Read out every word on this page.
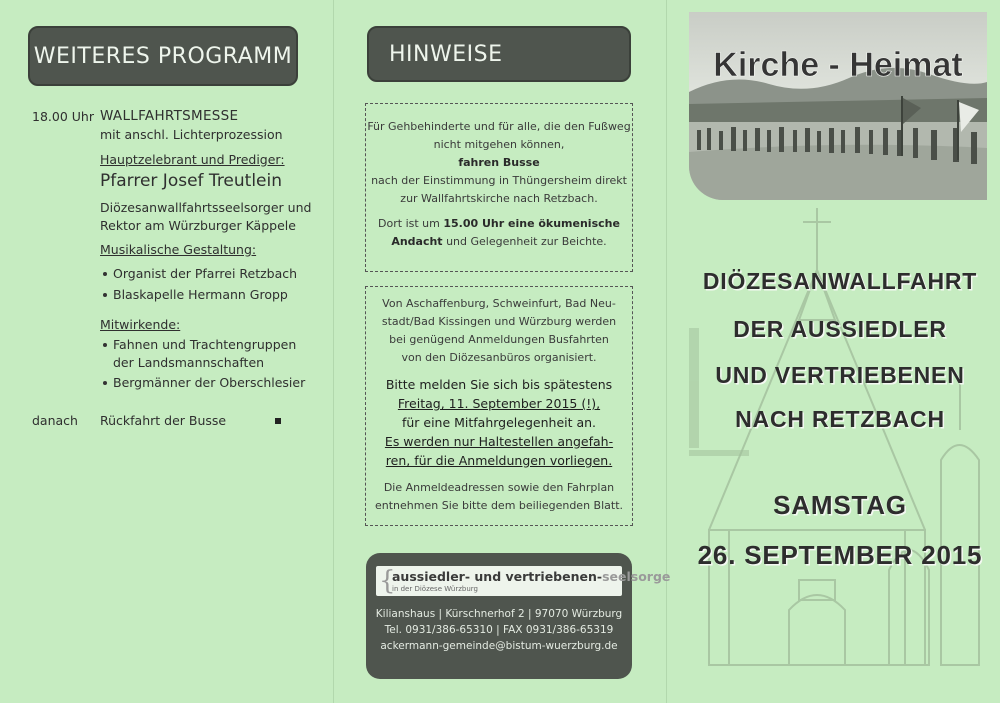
WEITERES PROGRAMM
18.00 Uhr WALLFAHRTSMESSE
mit anschl. Lichterprozession
Hauptzelebrant und Prediger:
Pfarrer Josef Treutlein
Diözesanwallfahrtsseelsorger und
Rektor am Würzburger Käppele
Musikalische Gestaltung:
Organist der Pfarrei Retzbach
Blaskapelle Hermann Gropp
Mitwirkende:
Fahnen und Trachtengruppen
der Landsmannschaften
Bergmänner der Oberschlesier
danach Rückfahrt der Busse
HINWEISE

Für Gehbehinderte und für alle, die den Fußweg

nicht mitgehen können,

fahren Busse

nach der Einstimmung in Thüngersheim direkt

zur Wallfahrtskirche nach Retzbach.

Dort ist um 15.00 Uhr eine ökumenische

Andacht und Gelegenheit zur Beichte.

Von Aschaffenburg, Schweinfurt, Bad Neu-

stadt/Bad Kissingen und Würzburg werden

bei genügend Anmeldungen Busfahrten

von den Diözesanbüros organisiert.

Bitte melden Sie sich bis spätestens

Freitag, 11. September 2015 (!),

für eine Mitfahrgelegenheit an.

Es werden nur Haltestellen angefah-

ren, für die Anmeldungen vorliegen.

Die Anmeldeadressen sowie den Fahrplan

entnehmen Sie bitte dem beiliegenden Blatt.

{
aussiedler- und vertriebenen-seelsorge
in der Diözese Würzburg
Kilianshaus | Kürschnerhof 2 | 97070 Würzburg
Tel. 0931/386-65310 | FAX 0931/386-65319
ackermann-gemeinde@bistum-wuerzburg.de
Kirche - Heimat
DIÖZESANWALLFAHRT
DER AUSSIEDLER
UND VERTRIEBENEN
NACH RETZBACH
SAMSTAG
26. SEPTEMBER 2015
